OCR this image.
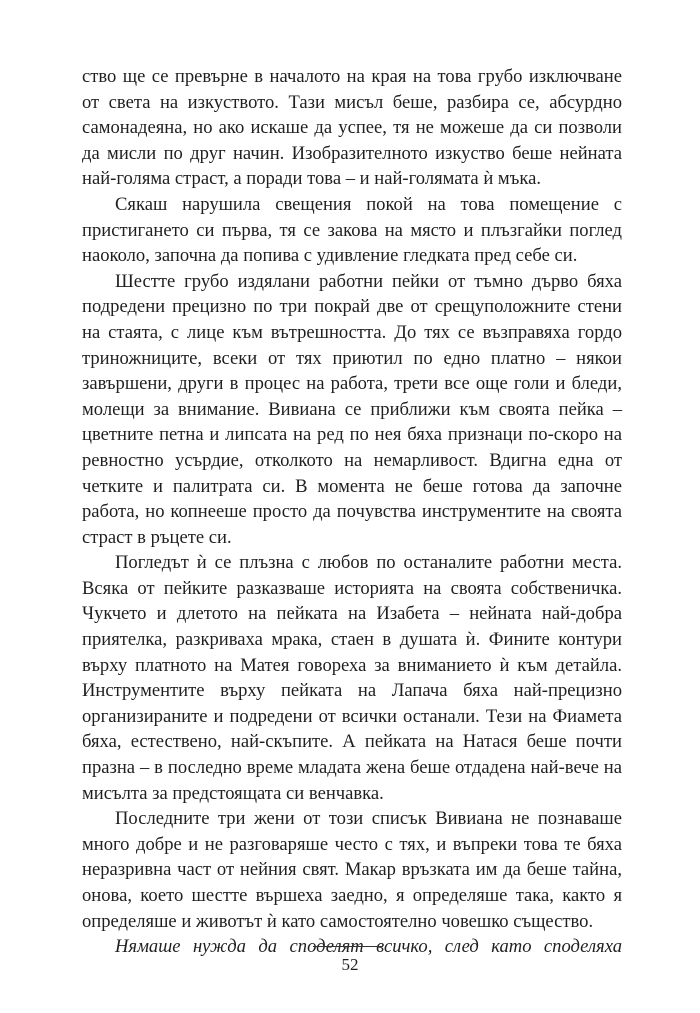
ство ще се превърне в началото на края на това грубо изключване от света на изкуството. Тази мисъл беше, разбира се, абсурдно самонадеяна, но ако искаше да успее, тя не можеше да си позволи да мисли по друг начин. Изобразителното изкуство беше нейната най-голяма страст, а поради това – и най-голямата ѝ мъка.

Сякаш нарушила свещения покой на това помещение с пристигането си първа, тя се закова на място и плъзгайки поглед наоколо, започна да попива с удивление гледката пред себе си.

Шестте грубо издялани работни пейки от тъмно дърво бяха подредени прецизно по три покрай две от срещуположните стени на стаята, с лице към вътрешността. До тях се възправяха гордо триножниците, всеки от тях приютил по едно платно – някои завършени, други в процес на работа, трети все още голи и бледи, молещи за внимание. Вивиана се приближи към своята пейка – цветните петна и липсата на ред по нея бяха признаци по-скоро на ревностно усърдие, отколкото на немарливост. Вдигна една от четките и палитрата си. В момента не беше готова да започне работа, но копнееше просто да почувства инструментите на своята страст в ръцете си.

Погледът ѝ се плъзна с любов по останалите работни места. Всяка от пейките разказваше историята на своята собственичка. Чукчето и длетото на пейката на Изабета – нейната най-добра приятелка, разкриваха мрака, стаен в душата ѝ. Фините контури върху платното на Матея говореха за вниманието ѝ към детайла. Инструментите върху пейката на Лапача бяха най-прецизно организираните и подредени от всички останали. Тези на Фиамета бяха, естествено, най-скъпите. А пейката на Натася беше почти празна – в последно време младата жена беше отдадена най-вече на мисълта за предстоящата си венчавка.

Последните три жени от този списък Вивиана не познаваше много добре и не разговаряше често с тях, и въпреки това те бяха неразривна част от нейния свят. Макар връзката им да беше тайна, онова, което шестте вършеха заедно, я определяше така, както я определяше и животът ѝ като самостоятелно човешко същество.

Нямаше нужда да споделят всичко, след като споделяха

52
